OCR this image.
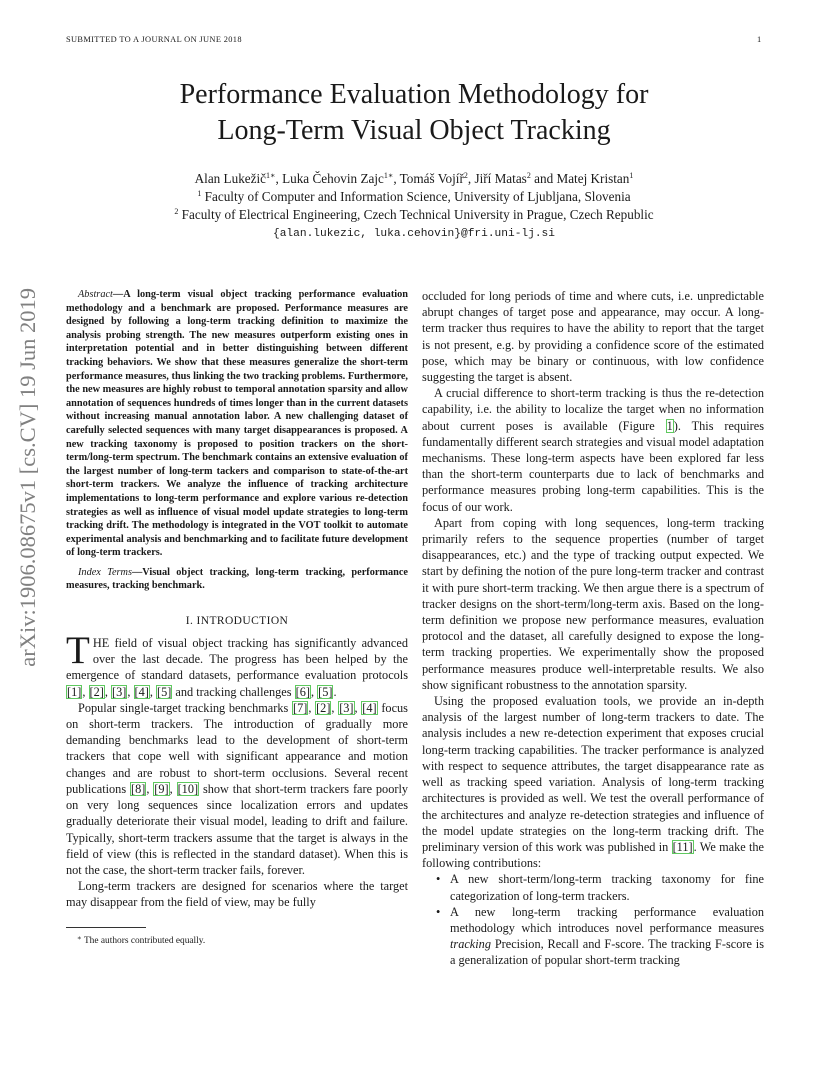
SUBMITTED TO A JOURNAL ON JUNE 2018	1
arXiv:1906.08675v1 [cs.CV] 19 Jun 2019
Performance Evaluation Methodology for
Long-Term Visual Object Tracking
Alan Lukežič$^{1∗}$, Luka Čehovin Zajc$^{1∗}$, Tomáš Vojíř$^2$, Jiří Matas$^2$ and Matej Kristan$^1$
$^1$ Faculty of Computer and Information Science, University of Ljubljana, Slovenia
$^2$ Faculty of Electrical Engineering, Czech Technical University in Prague, Czech Republic
{alan.lukezic, luka.cehovin}@fri.uni-lj.si

Abstract—A long-term visual object tracking performance evaluation methodology and a benchmark are proposed. Performance measures are designed by following a long-term tracking definition to maximize the analysis probing strength. The new measures outperform existing ones in interpretation potential and in better distinguishing between different tracking behaviors. We show that these measures generalize the short-term performance measures, thus linking the two tracking problems. Furthermore, the new measures are highly robust to temporal annotation sparsity and allow annotation of sequences hundreds of times longer than in the current datasets without increasing manual annotation labor. A new challenging dataset of carefully selected sequences with many target disappearances is proposed. A new tracking taxonomy is proposed to position trackers on the short-term/long-term spectrum. The benchmark contains an extensive evaluation of the largest number of long-term tackers and comparison to state-of-the-art short-term trackers. We analyze the influence of tracking architecture implementations to long-term performance and explore various re-detection strategies as well as influence of visual model update strategies to long-term tracking drift. The methodology is integrated in the VOT toolkit to automate experimental analysis and benchmarking and to facilitate future development of long-term trackers.

Index Terms—Visual object tracking, long-term tracking, performance measures, tracking benchmark.

I. INTRODUCTION

THE field of visual object tracking has significantly advanced over the last decade. The progress has been helped by the emergence of standard datasets, performance evaluation protocols [1], [2], [3], [4], [5] and tracking challenges [6], [5].

Popular single-target tracking benchmarks [7], [2], [3], [4] focus on short-term trackers. The introduction of gradually more demanding benchmarks lead to the development of short-term trackers that cope well with significant appearance and motion changes and are robust to short-term occlusions. Several recent publications [8], [9], [10] show that short-term trackers fare poorly on very long sequences since localization errors and updates gradually deteriorate their visual model, leading to drift and failure. Typically, short-term trackers assume that the target is always in the field of view (this is reflected in the standard dataset). When this is not the case, the short-term tracker fails, forever.

Long-term trackers are designed for scenarios where the target may disappear from the field of view, may be fully

∗ The authors contributed equally.

occluded for long periods of time and where cuts, i.e. unpredictable abrupt changes of target pose and appearance, may occur. A long-term tracker thus requires to have the ability to report that the target is not present, e.g. by providing a confidence score of the estimated pose, which may be binary or continuous, with low confidence suggesting the target is absent.

A crucial difference to short-term tracking is thus the re-detection capability, i.e. the ability to localize the target when no information about current poses is available (Figure 1). This requires fundamentally different search strategies and visual model adaptation mechanisms. These long-term aspects have been explored far less than the short-term counterparts due to lack of benchmarks and performance measures probing long-term capabilities. This is the focus of our work.

Apart from coping with long sequences, long-term tracking primarily refers to the sequence properties (number of target disappearances, etc.) and the type of tracking output expected. We start by defining the notion of the pure long-term tracker and contrast it with pure short-term tracking. We then argue there is a spectrum of tracker designs on the short-term/long-term axis. Based on the long-term definition we propose new performance measures, evaluation protocol and the dataset, all carefully designed to expose the long-term tracking properties. We experimentally show the proposed performance measures produce well-interpretable results. We also show significant robustness to the annotation sparsity.

Using the proposed evaluation tools, we provide an in-depth analysis of the largest number of long-term trackers to date. The analysis includes a new re-detection experiment that exposes crucial long-term tracking capabilities. The tracker performance is analyzed with respect to sequence attributes, the target disappearance rate as well as tracking speed variation. Analysis of long-term tracking architectures is provided as well. We test the overall performance of the architectures and analyze re-detection strategies and influence of the model update strategies on the long-term tracking drift. The preliminary version of this work was published in [11]. We make the following contributions:

• A new short-term/long-term tracking taxonomy for fine categorization of long-term trackers.
• A new long-term tracking performance evaluation methodology which introduces novel performance measures tracking Precision, Recall and F-score. The tracking F-score is a generalization of popular short-term tracking
